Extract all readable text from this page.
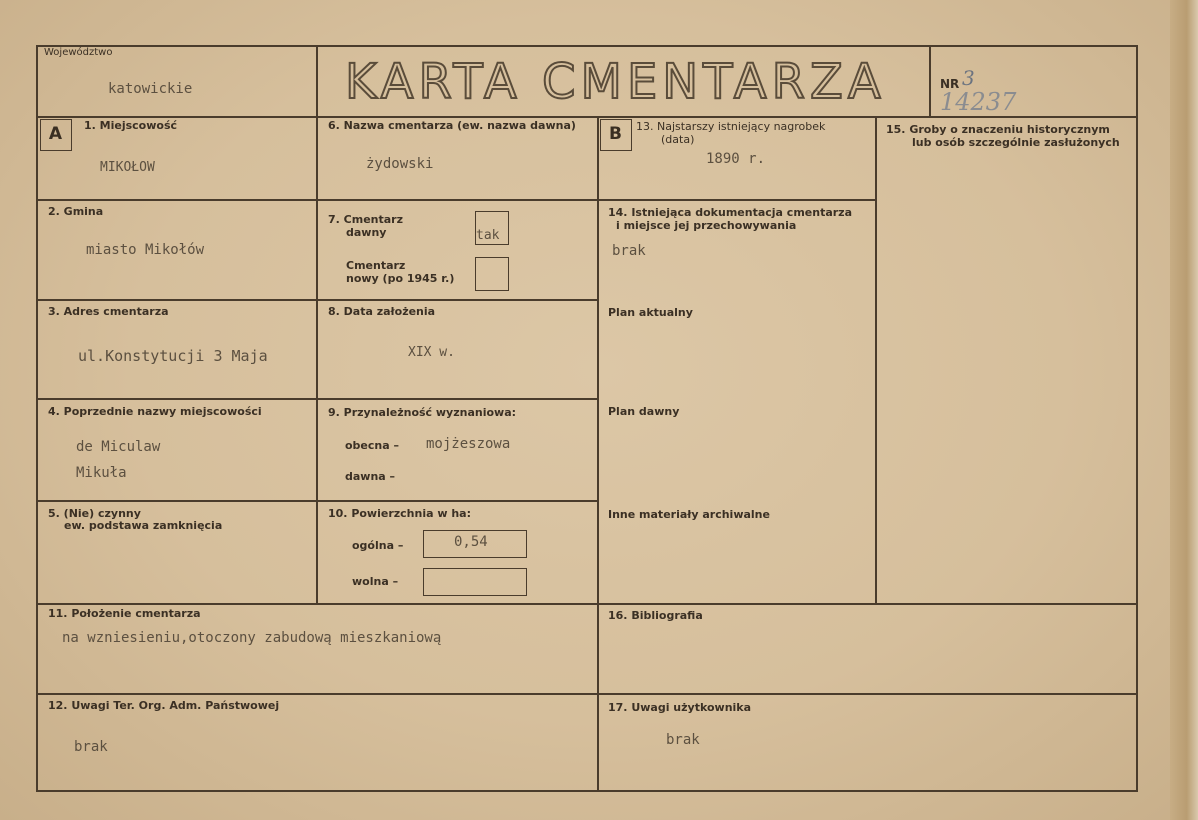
Województwo
katowickie	KARTA CMENTARZA	NR 3
14237
A	B
1. Miejscowość
MIKOŁOW
2. Gmina
miasto Mikołów
3. Adres cmentarza
ul.Konstytucji 3 Maja
4. Poprzednie nazwy miejscowości
de Miculaw
Mikuła
5. (Nie) czynny
ew. podstawa zamknięcia
6. Nazwa cmentarza (ew. nazwa dawna)
żydowski
7. Cmentarz
dawny	tak
Cmentarz
nowy (po 1945 r.)
8. Data założenia
XIX w.
9. Przynależność wyznaniowa:
obecna – mojżeszowa
dawna –
10. Powierzchnia w ha:
ogólna –	0,54
wolna –
11. Położenie cmentarza
na wzniesieniu,otoczony zabudową mieszkaniową
12. Uwagi Ter. Org. Adm. Państwowej
brak
13. Najstarszy istniejący nagrobek
(data)
1890 r.
14. Istniejąca dokumentacja cmentarza
i miejsce jej przechowywania
brak
Plan aktualny
Plan dawny
Inne materiały archiwalne
15. Groby o znaczeniu historycznym
lub osób szczególnie zasłużonych
16. Bibliografia
17. Uwagi użytkownika
brak
